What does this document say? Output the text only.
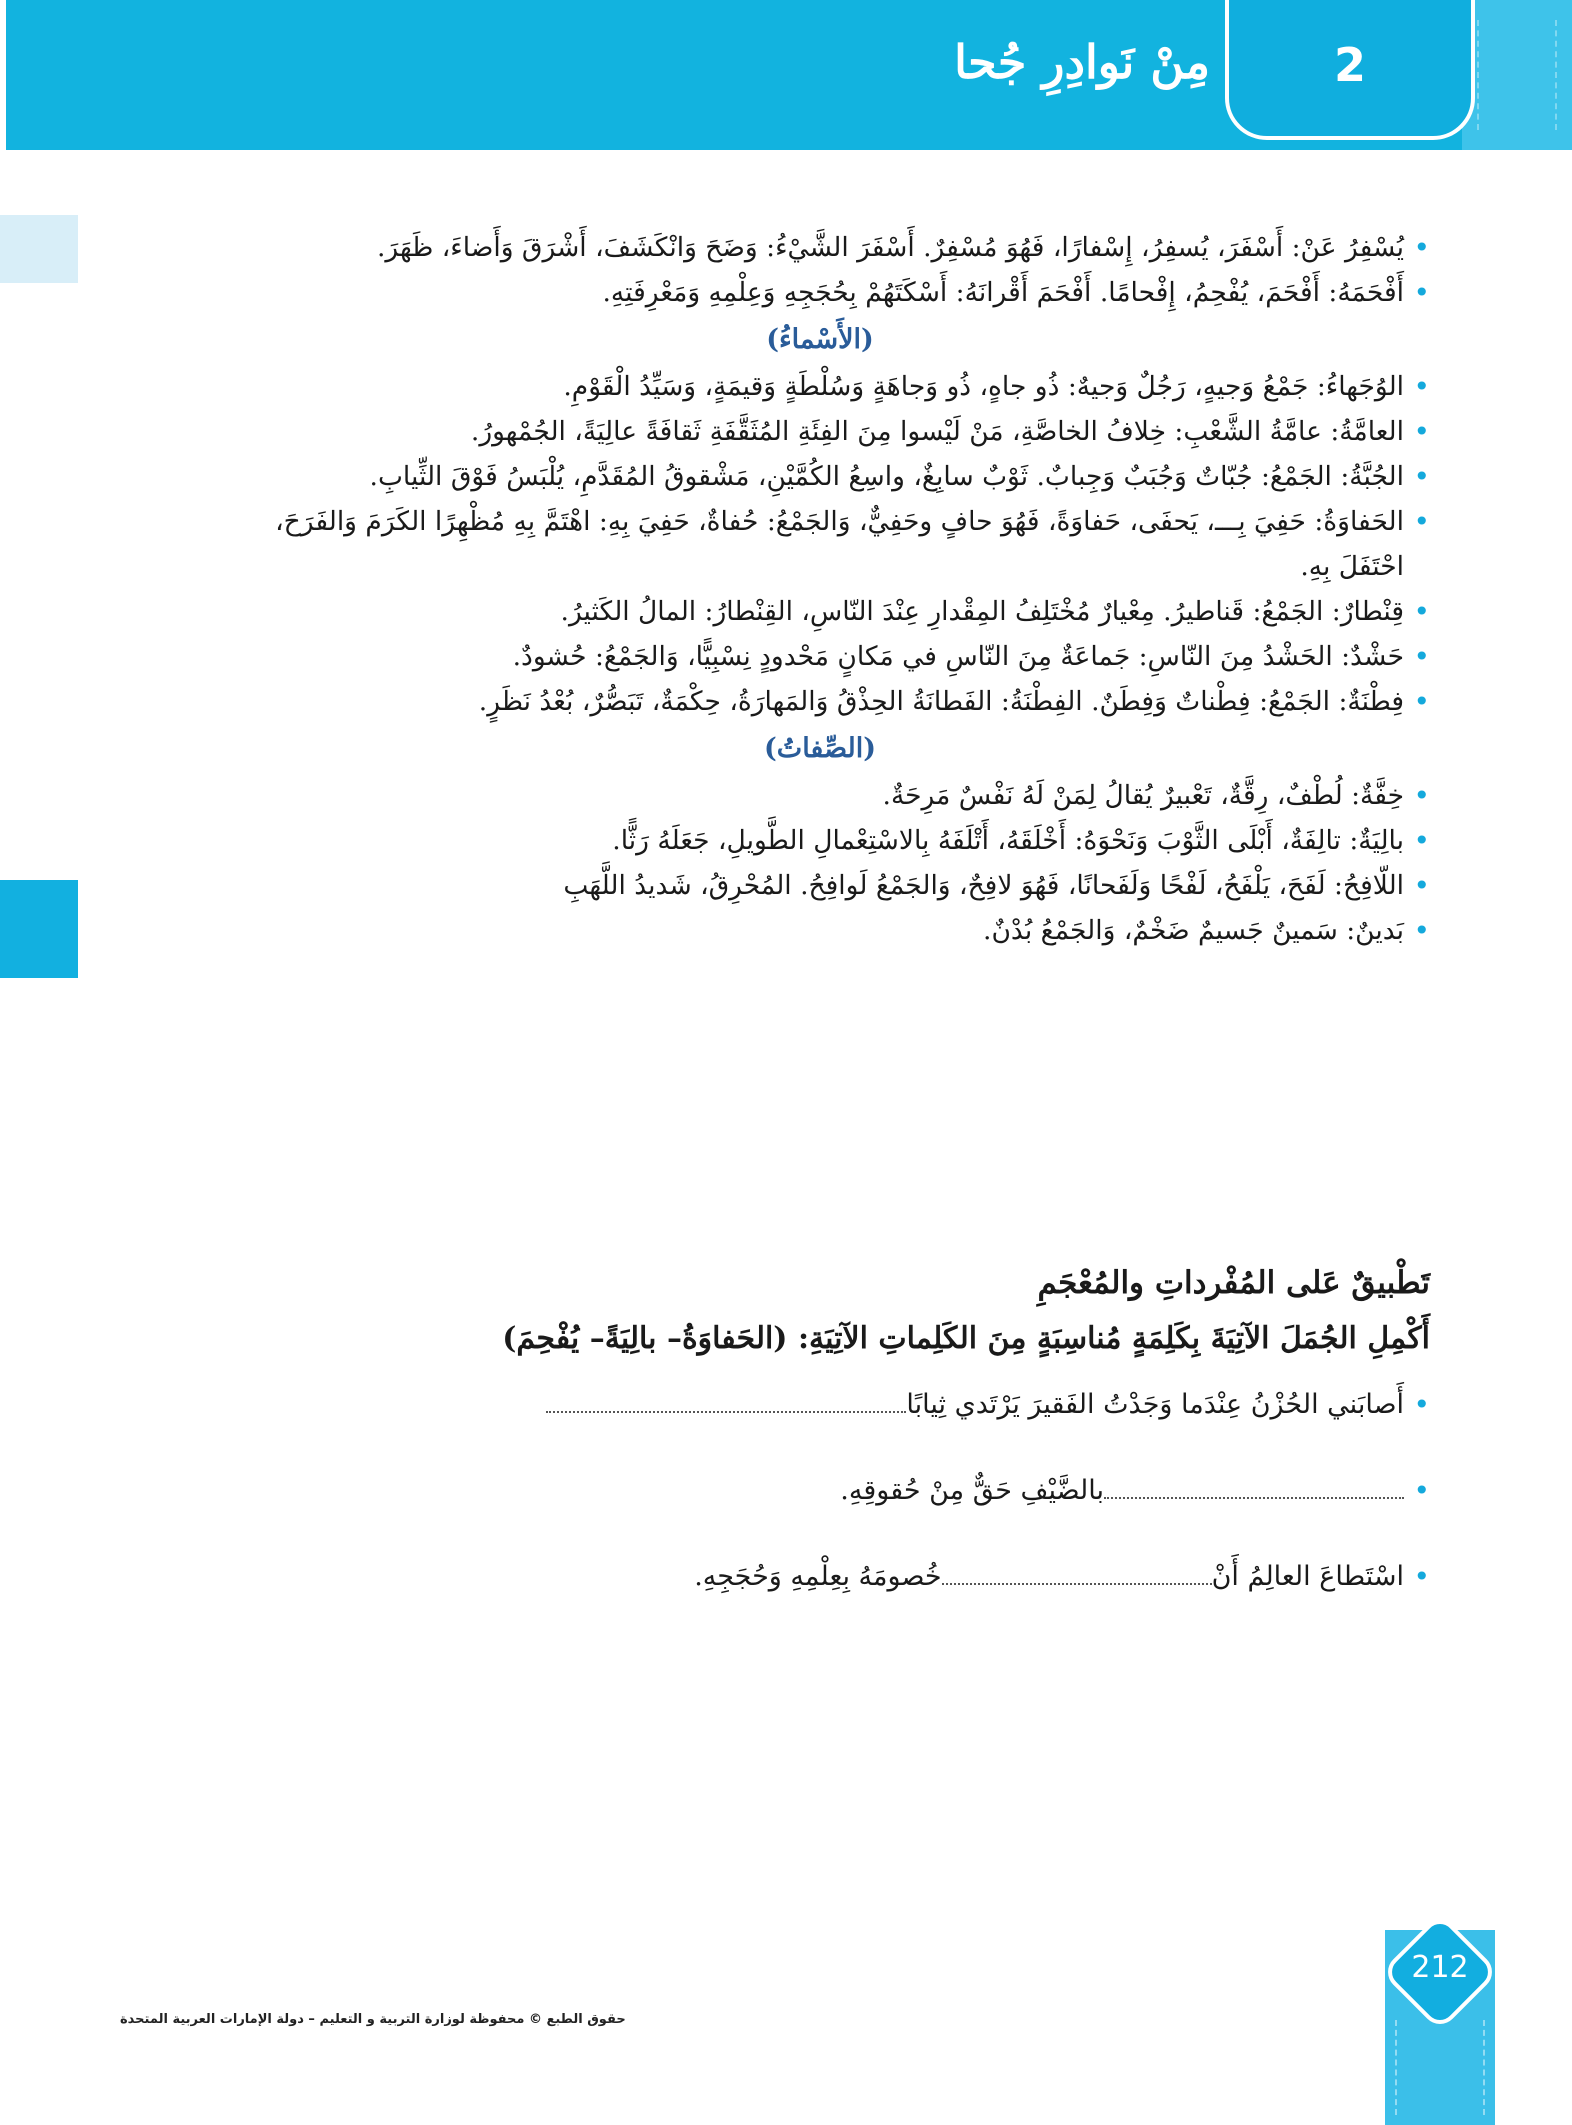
2
مِنْ نَوادِرِ جُحا
• يُسْفِرُ عَنْ: أَسْفَرَ، يُسفِرُ، إِسْفارًا، فَهُوَ مُسْفِرٌ. أَسْفَرَ الشَّيْءُ: وَضَحَ وَانْكَشَفَ، أَشْرَقَ وَأَضاءَ، ظَهَرَ.
• أَفْحَمَهُ: أَفْحَمَ، يُفْحِمُ، إِفْحامًا. أَفْحَمَ أَقْرانَهُ: أَسْكَتَهُمْ بِحُجَجِهِ وَعِلْمِهِ وَمَعْرِفَتِهِ.
(الأَسْماءُ)
• الوُجَهاءُ: جَمْعُ وَجيهٍ، رَجُلٌ وَجيهٌ: ذُو جاهٍ، ذُو وَجاهَةٍ وَسُلْطَةٍ وَقيمَةٍ، وَسَيِّدُ الْقَوْمِ.
• العامَّةُ: عامَّةُ الشَّعْبِ: خِلافُ الخاصَّةِ، مَنْ لَيْسوا مِنَ الفِئَةِ المُثَقَّفَةِ ثَقافَةً عالِيَةً، الجُمْهورُ.
• الجُبَّةُ: الجَمْعُ: جُبّاتٌ وَجُبَبٌ وَجِبابٌ. ثَوْبٌ سابِغٌ، واسِعُ الكُمَّيْنِ، مَشْقوقُ المُقَدَّمِ، يُلْبَسُ فَوْقَ الثِّيابِ.
• الحَفاوَةُ: حَفِيَ بِـــ، يَحفَى، حَفاوَةً، فَهُوَ حافٍ وحَفِيٌّ، وَالجَمْعُ: حُفاةٌ، حَفِيَ بِهِ: اهْتَمَّ بِهِ مُظْهِرًا الكَرَمَ وَالفَرَحَ، احْتَفَلَ بِهِ.
• قِنْطارٌ: الجَمْعُ: قَناطيرُ. مِعْيارٌ مُخْتَلِفُ المِقْدارِ عِنْدَ النّاسِ، القِنْطارُ: المالُ الكَثيرُ.
• حَشْدٌ: الحَشْدُ مِنَ النّاسِ: جَماعَةٌ مِنَ النّاسِ في مَكانٍ مَحْدودٍ نِسْبِيًّا، وَالجَمْعُ: حُشودٌ.
• فِطْنَةٌ: الجَمْعُ: فِطْناتٌ وَفِطَنٌ. الفِطْنَةُ: الفَطانَةُ الحِذْقُ وَالمَهارَةُ، حِكْمَةٌ، تَبَصُّرٌ، بُعْدُ نَظَرٍ.
(الصِّفاتُ)
• خِفَّةٌ: لُطْفٌ، رِقَّةٌ، تَعْبيرٌ يُقالُ لِمَنْ لَهُ نَفْسٌ مَرِحَةٌ.
• بالِيَةٌ: تالِفَةٌ، أَبْلَى الثَّوْبَ وَنَحْوَهُ: أَخْلَقَهُ، أَتْلَفَهُ بِالاسْتِعْمالِ الطَّويلِ، جَعَلَهُ رَثًّا.
• اللّافِحُ: لَفَحَ، يَلْفَحُ، لَفْحًا وَلَفَحانًا، فَهُوَ لافِحٌ، وَالجَمْعُ لَوافِحُ. المُحْرِقُ، شَديدُ اللَّهَبِ
• بَدينٌ: سَمينٌ جَسيمٌ ضَخْمٌ، وَالجَمْعُ بُدْنٌ.
تَطْبيقٌ عَلى المُفْرداتِ والمُعْجَمِ
أَكْمِلِ الجُمَلَ الآتِيَةَ بِكَلِمَةٍ مُناسِبَةٍ مِنَ الكَلِماتِ الآتِيَةِ: (الحَفاوَةُ– بالِيَةً– يُفْحِمَ)
• أَصابَني الحُزْنُ عِنْدَما وَجَدْتُ الفَقيرَ يَرْتَدي ثِيابًا
• بالضَّيْفِ حَقٌّ مِنْ حُقوقِهِ.
• اسْتَطاعَ العالِمُ أَنْخُصومَهُ بِعِلْمِهِ وَحُجَجِهِ.
حقوق الطبع © محفوظة لوزارة التربية و التعليم – دولة الإمارات العربية المتحدة
212
